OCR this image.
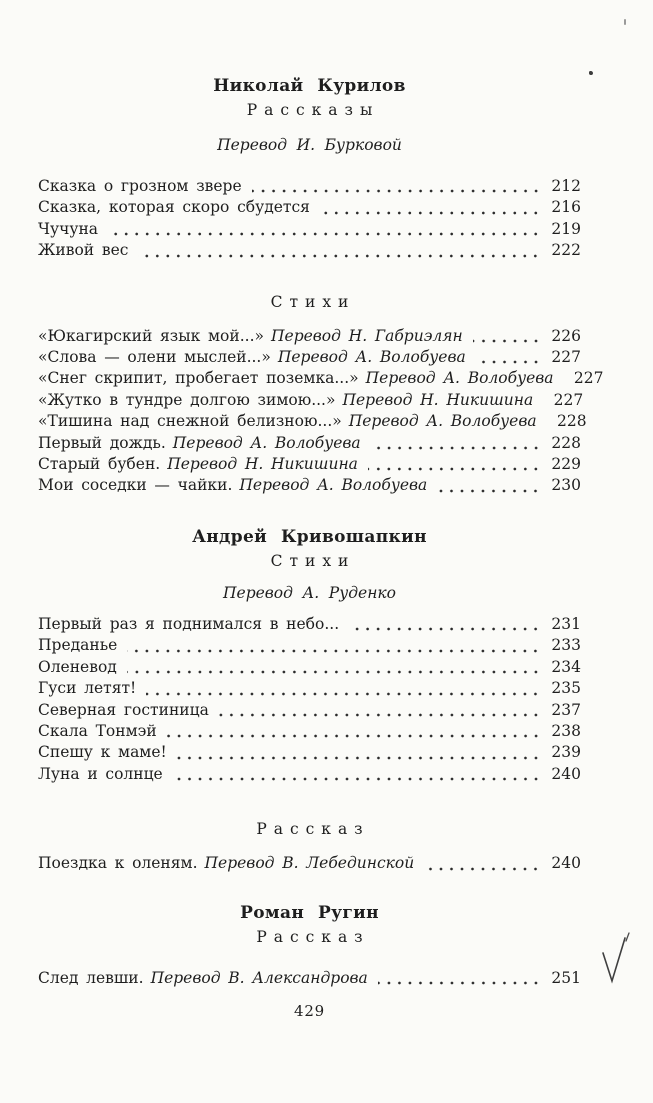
Николай Курилов
Рассказы
Перевод И. Бурковой
Сказка о грозном звере	212
Сказка, которая скоро сбудется	216
Чучуна	219
Живой вес	222
Стихи
«Юкагирский язык мой...» Перевод Н. Габриэлян	226
«Слова — олени мыслей...» Перевод А. Волобуева	227
«Снег скрипит, пробегает поземка...» Перевод А. Волобуева 227
«Жутко в тундре долгою зимою...» Перевод Н. Никишина 227
«Тишина над снежной белизною...» Перевод А. Волобуева 228
Первый дождь. Перевод А. Волобуева	228
Старый бубен. Перевод Н. Никишина	229
Мои соседки — чайки. Перевод А. Волобуева	230
Андрей Кривошапкин
Стихи
Перевод А. Руденко
Первый раз я поднимался в небо...	231
Преданье	233
Оленевод	234
Гуси летят!	235
Северная гостиница	237
Скала Тонмэй	238
Спешу к маме!	239
Луна и солнце	240
Рассказ
Поездка к оленям. Перевод В. Лебединской	240
Роман Ругин
Рассказ
След левши. Перевод В. Александрова	251
429
